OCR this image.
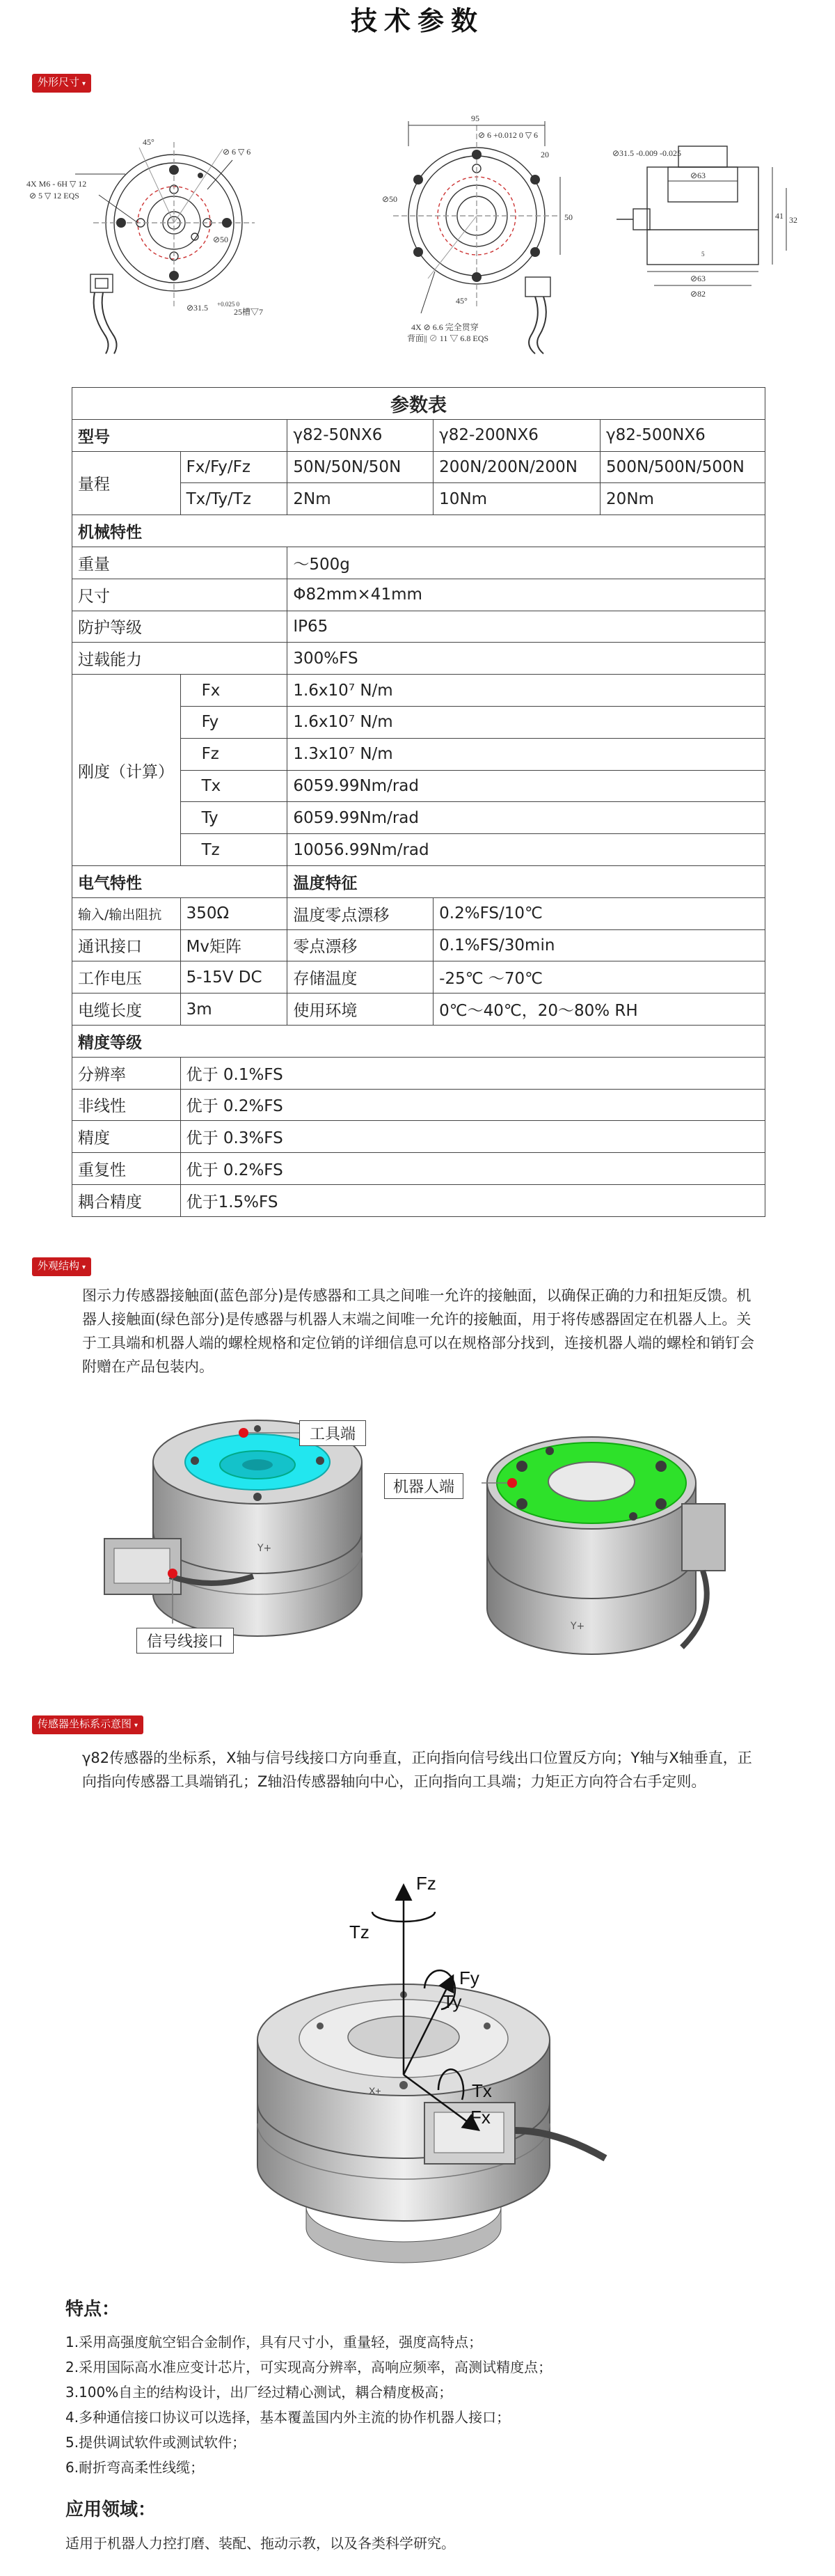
技术参数
外形尺寸 ▾
45°
4X M6 - 6H ▽ 12
⊘ 5 ▽ 12 EQS
⊘ 6 ▽ 6
⊘50
⊘31.5 +0.025 0
25槽▽7
95
⊘ 6 +0.012 0 ▽ 6
20
⊘50
50
45°
4X ⊘ 6.6 完全贯穿
背面|| ⊘ 11 ▽ 6.8 EQS
⊘31.5 -0.009 -0.025
⊘63
⊘63
⊘82
41 32
5
参数表				
型号		γ82-50NX6	γ82-200NX6	γ82-500NX6
量程	Fx/Fy/Fz	50N/50N/50N	200N/200N/200N	500N/500N/500N
	Tx/Ty/Tz	2Nm	10Nm	20Nm
机械特性				
重量		～500g		
尺寸		Φ82mm×41mm		
防护等级		IP65		
过载能力		300%FS		
刚度（计算）	Fx	1.6x10⁷ N/m		
	Fy	1.6x10⁷ N/m		
	Fz	1.3x10⁷ N/m		
	Tx	6059.99Nm/rad		
	Ty	6059.99Nm/rad		
	Tz	10056.99Nm/rad		
电气特性		温度特征		
输入/输出阻抗	350Ω	温度零点漂移	0.2%FS/10℃	
通讯接口	Mv矩阵	零点漂移	0.1%FS/30min	
工作电压	5-15V DC	存储温度	-25℃ ～70℃	
电缆长度	3m	使用环境	0℃～40℃，20～80% RH	
精度等级				
分辨率	优于 0.1%FS			
非线性	优于 0.2%FS			
精度	优于 0.3%FS			
重复性	优于 0.2%FS			
耦合精度	优于1.5%FS			
外观结构 ▾
图示力传感器接触面(蓝色部分)是传感器和工具之间唯一允许的接触面，以确保正确的力和扭矩反馈。机器人接触面(绿色部分)是传感器与机器人末端之间唯一允许的接触面，用于将传感器固定在机器人上。关于工具端和机器人端的螺栓规格和定位销的详细信息可以在规格部分找到，连接机器人端的螺栓和销钉会附赠在产品包装内。
Y+
工具端
信号线接口
Y+
机器人端
传感器坐标系示意图 ▾
γ82传感器的坐标系，X轴与信号线接口方向垂直，正向指向信号线出口位置反方向；Y轴与X轴垂直，正向指向传感器工具端销孔；Z轴沿传感器轴向中心，正向指向工具端；力矩正方向符合右手定则。
Fz
Tz
Fy
Ty
Tx
Fx
X+
特点：
1.采用高强度航空铝合金制作，具有尺寸小，重量轻，强度高特点；
2.采用国际高水准应变计芯片，可实现高分辨率，高响应频率，高测试精度点；
3.100%自主的结构设计，出厂经过精心测试，耦合精度极高；
4.多种通信接口协议可以选择，基本覆盖国内外主流的协作机器人接口；
5.提供调试软件或测试软件；
6.耐折弯高柔性线缆；
应用领域：
适用于机器人力控打磨、装配、拖动示教，以及各类科学研究。
